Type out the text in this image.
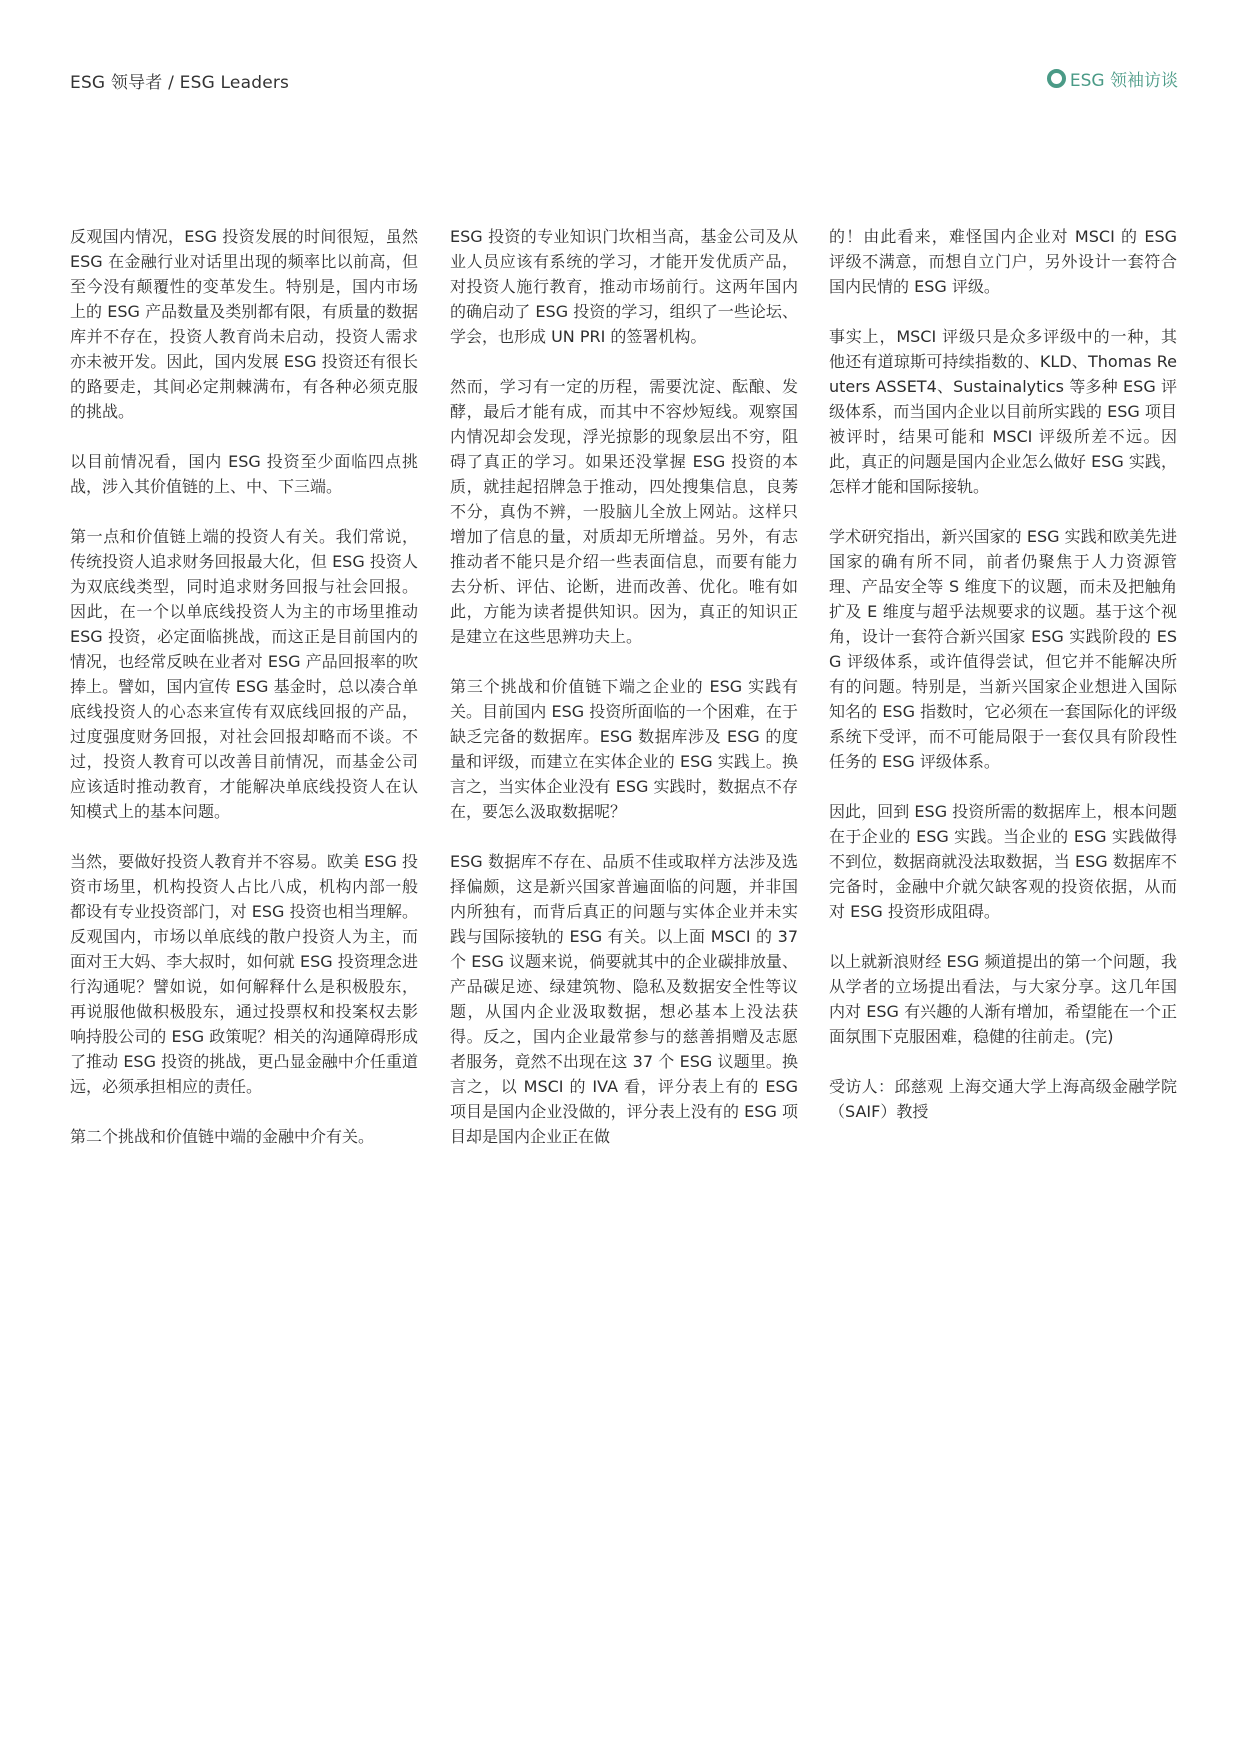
ESG 领导者 / ESG Leaders	ESG 领袖访谈

反观国内情况，ESG 投资发展的时间很短，虽然 ESG 在金融行业对话里出现的频率比以前高，但至今没有颠覆性的变革发生。特别是，国内市场上的 ESG 产品数量及类别都有限，有质量的数据库并不存在，投资人教育尚未启动，投资人需求亦未被开发。因此，国内发展 ESG 投资还有很长的路要走，其间必定荆棘满布，有各种必须克服的挑战。

以目前情况看，国内 ESG 投资至少面临四点挑战，涉入其价值链的上、中、下三端。

第一点和价值链上端的投资人有关。我们常说，传统投资人追求财务回报最大化，但 ESG 投资人为双底线类型，同时追求财务回报与社会回报。因此，在一个以单底线投资人为主的市场里推动 ESG 投资，必定面临挑战，而这正是目前国内的情况，也经常反映在业者对 ESG 产品回报率的吹捧上。譬如，国内宣传 ESG 基金时，总以凑合单底线投资人的心态来宣传有双底线回报的产品，过度强度财务回报，对社会回报却略而不谈。不过，投资人教育可以改善目前情况，而基金公司应该适时推动教育，才能解决单底线投资人在认知模式上的基本问题。

当然，要做好投资人教育并不容易。欧美 ESG 投资市场里，机构投资人占比八成，机构内部一般都设有专业投资部门，对 ESG 投资也相当理解。反观国内，市场以单底线的散户投资人为主，而面对王大妈、李大叔时，如何就 ESG 投资理念进行沟通呢？譬如说，如何解释什么是积极股东，再说服他做积极股东，通过投票权和投案权去影响持股公司的 ESG 政策呢？相关的沟通障碍形成了推动 ESG 投资的挑战，更凸显金融中介任重道远，必须承担相应的责任。

第二个挑战和价值链中端的金融中介有关。

ESG 投资的专业知识门坎相当高，基金公司及从业人员应该有系统的学习，才能开发优质产品，对投资人施行教育，推动市场前行。这两年国内的确启动了 ESG 投资的学习，组织了一些论坛、学会，也形成 UN PRI 的签署机构。

然而，学习有一定的历程，需要沈淀、酝酿、发酵，最后才能有成，而其中不容炒短线。观察国内情况却会发现，浮光掠影的现象层出不穷，阻碍了真正的学习。如果还没掌握 ESG 投资的本质，就挂起招牌急于推动，四处搜集信息，良莠不分，真伪不辨，一股脑儿全放上网站。这样只增加了信息的量，对质却无所增益。另外，有志推动者不能只是介绍一些表面信息，而要有能力去分析、评估、论断，进而改善、优化。唯有如此，方能为读者提供知识。因为，真正的知识正是建立在这些思辨功夫上。

第三个挑战和价值链下端之企业的 ESG 实践有关。目前国内 ESG 投资所面临的一个困难，在于缺乏完备的数据库。ESG 数据库涉及 ESG 的度量和评级，而建立在实体企业的 ESG 实践上。换言之，当实体企业没有 ESG 实践时，数据点不存在，要怎么汲取数据呢？

ESG 数据库不存在、品质不佳或取样方法涉及选择偏颇，这是新兴国家普遍面临的问题，并非国内所独有，而背后真正的问题与实体企业并未实践与国际接轨的 ESG 有关。以上面 MSCI 的 37 个 ESG 议题来说，倘要就其中的企业碳排放量、产品碳足迹、绿建筑物、隐私及数据安全性等议题，从国内企业汲取数据，想必基本上没法获得。反之，国内企业最常参与的慈善捐赠及志愿者服务，竟然不出现在这 37 个 ESG 议题里。换言之，以 MSCI 的 IVA 看，评分表上有的 ESG 项目是国内企业没做的，评分表上没有的 ESG 项目却是国内企业正在做

的！由此看来，难怪国内企业对 MSCI 的 ESG 评级不满意，而想自立门户，另外设计一套符合国内民情的 ESG 评级。

事实上，MSCI 评级只是众多评级中的一种，其他还有道琼斯可持续指数的、KLD、Thomas Reuters ASSET4、Sustainalytics 等多种 ESG 评级体系，而当国内企业以目前所实践的 ESG 项目被评时，结果可能和 MSCI 评级所差不远。因此，真正的问题是国内企业怎么做好 ESG 实践，怎样才能和国际接轨。

学术研究指出，新兴国家的 ESG 实践和欧美先进国家的确有所不同，前者仍聚焦于人力资源管理、产品安全等 S 维度下的议题，而未及把触角扩及 E 维度与超乎法规要求的议题。基于这个视角，设计一套符合新兴国家 ESG 实践阶段的 ESG 评级体系，或许值得尝试，但它并不能解决所有的问题。特别是，当新兴国家企业想进入国际知名的 ESG 指数时，它必须在一套国际化的评级系统下受评，而不可能局限于一套仅具有阶段性任务的 ESG 评级体系。

因此，回到 ESG 投资所需的数据库上，根本问题在于企业的 ESG 实践。当企业的 ESG 实践做得不到位，数据商就没法取数据，当 ESG 数据库不完备时，金融中介就欠缺客观的投资依据，从而对 ESG 投资形成阻碍。

以上就新浪财经 ESG 频道提出的第一个问题，我从学者的立场提出看法，与大家分享。这几年国内对 ESG 有兴趣的人渐有增加，希望能在一个正面氛围下克服困难，稳健的往前走。(完)

受访人：邱慈观 上海交通大学上海高级金融学院（SAIF）教授
